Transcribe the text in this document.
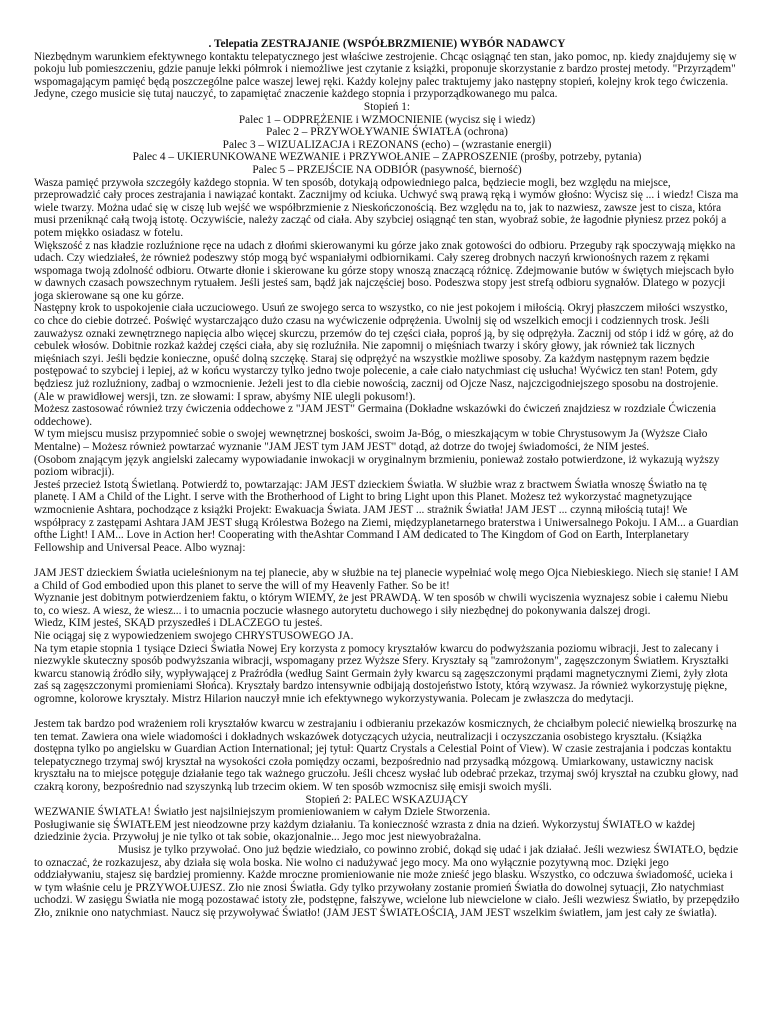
. Telepatia ZESTRAJANIE (WSPÓŁBRZMIENIE) WYBÓR NADAWCY

Niezbędnym warunkiem efektywnego kontaktu telepatycznego jest właściwe zestrojenie. Chcąc osiągnąć ten stan, jako pomoc, np. kiedy znajdujemy się w pokoju lub pomieszczeniu, gdzie panuje lekki półmrok i niemożliwe jest czytanie z książki, proponuje skorzystanie z bardzo prostej metody. "Przyrządem" wspomagającym pamięć będą poszczególne palce waszej lewej ręki. Każdy kolejny palec traktujemy jako następny stopień, kolejny krok tego ćwiczenia. Jedyne, czego musicie się tutaj nauczyć, to zapamiętać znaczenie każdego stopnia i przyporządkowanego mu palca.

Stopień 1:

Palec 1 – ODPRĘŻENIE i WZMOCNIENIE (wycisz się i wiedz)

Palec 2 – PRZYWOŁYWANIE ŚWIATŁA (ochrona)

Palec 3 – WIZUALIZACJA i REZONANS (echo) – (wzrastanie energii)

Palec 4 – UKIERUNKOWANE WEZWANIE i PRZYWOŁANIE – ZAPROSZENIE (prośby, potrzeby, pytania)

Palec 5 – PRZEJŚCIE NA ODBIÓR (pasywność, bierność)

Wasza pamięć przywoła szczegóły każdego stopnia. W ten sposób, dotykają odpowiedniego palca, będziecie mogli, bez względu na miejsce, przeprowadzić cały proces zestrajania i nawiązać kontakt. Zacznijmy od kciuka. Uchwyć swą prawą ręką i wymów głośno: Wycisz się ... i wiedz! Cisza ma wiele twarzy. Można udać się w ciszę lub wejść we współbrzmienie z Nieskończonością. Bez względu na to, jak to nazwiesz, zawsze jest to cisza, która musi przeniknąć całą twoją istotę. Oczywiście, należy zacząć od ciała. Aby szybciej osiągnąć ten stan, wyobraź sobie, że łagodnie płyniesz przez pokój a potem miękko osiadasz w fotelu.

Większość z nas kładzie rozluźnione ręce na udach z dłońmi skierowanymi ku górze jako znak gotowości do odbioru. Przeguby rąk spoczywają miękko na udach. Czy wiedziałeś, że również podeszwy stóp mogą być wspaniałymi odbiornikami. Cały szereg drobnych naczyń krwionośnych razem z rękami wspomaga twoją zdolność odbioru. Otwarte dłonie i skierowane ku górze stopy wnoszą znaczącą różnicę. Zdejmowanie butów w świętych miejscach było w dawnych czasach powszechnym rytuałem. Jeśli jesteś sam, bądź jak najczęściej boso. Podeszwa stopy jest strefą odbioru sygnałów. Dlatego w pozycji joga skierowane są one ku górze.

Następny krok to uspokojenie ciała uczuciowego. Usuń ze swojego serca to wszystko, co nie jest pokojem i miłością. Okryj płaszczem miłości wszystko, co chce do ciebie dotrzeć. Poświęć wystarczająco dużo czasu na wyćwiczenie odprężenia. Uwolnij się od wszelkich emocji i codziennych trosk. Jeśli zauważysz oznaki zewnętrznego napięcia albo więcej skurczu, przemów do tej części ciała, poproś ją, by się odprężyła. Zacznij od stóp i idź w górę, aż do cebulek włosów. Dobitnie rozkaż każdej części ciała, aby się rozluźniła. Nie zapomnij o mięśniach twarzy i skóry głowy, jak również tak licznych mięśniach szyi. Jeśli będzie konieczne, opuść dolną szczękę. Staraj się odprężyć na wszystkie możliwe sposoby. Za każdym następnym razem będzie postępować to szybciej i lepiej, aż w końcu wystarczy tylko jedno twoje polecenie, a całe ciało natychmiast cię usłucha! Wyćwicz ten stan! Potem, gdy będziesz już rozluźniony, zadbaj o wzmocnienie. Jeżeli jest to dla ciebie nowością, zacznij od Ojcze Nasz, najczcigodniejszego sposobu na dostrojenie. (Ale w prawidłowej wersji, tzn. ze słowami: I spraw, abyśmy NIE ulegli pokusom!).

Możesz zastosować również trzy ćwiczenia oddechowe z "JAM JEST" Germaina (Dokładne wskazówki do ćwiczeń znajdziesz w rozdziale Ćwiczenia oddechowe).

W tym miejscu musisz przypomnieć sobie o swojej wewnętrznej boskości, swoim Ja-Bóg, o mieszkającym w tobie Chrystusowym Ja (Wyższe Ciało Mentalne) – Możesz również powtarzać wyznanie "JAM JEST tym JAM JEST" dotąd, aż dotrze do twojej świadomości, że NIM jesteś.

(Osobom znającym język angielski zalecamy wypowiadanie inwokacji w oryginalnym brzmieniu, ponieważ zostało potwierdzone, iż wykazują wyższy poziom wibracji).

Jesteś przecież Istotą Świetlaną. Potwierdź to, powtarzając: JAM JEST dzieckiem Światła. W służbie wraz z bractwem Światła wnoszę Światło na tę planetę. I AM a Child of the Light. I serve with the Brotherhood of Light to bring Light upon this Planet. Możesz też wykorzystać magnetyzujące wzmocnienie Ashtara, pochodzące z książki Projekt: Ewakuacja Świata. JAM JEST ... strażnik Światła! JAM JEST ... czynną miłością tutaj! We współpracy z zastępami Ashtara JAM JEST sługą Królestwa Bożego na Ziemi, międzyplanetarnego braterstwa i Uniwersalnego Pokoju. I AM... a Guardian ofthe Light! I AM... Love in Action her! Cooperating with theAshtar Command I AM dedicated to The Kingdom of God on Earth, Interplanetary Fellowship and Universal Peace. Albo wyznaj:

JAM JEST dzieckiem Światła ucieleśnionym na tej planecie, aby w służbie na tej planecie wypełniać wolę mego Ojca Niebieskiego. Niech się stanie! I AM a Child of God embodied upon this planet to serve the will of my Heavenly Father. So be it!

Wyznanie jest dobitnym potwierdzeniem faktu, o którym WIEMY, że jest PRAWDĄ. W ten sposób w chwili wyciszenia wyznajesz sobie i całemu Niebu to, co wiesz. A wiesz, że wiesz... i to umacnia poczucie własnego autorytetu duchowego i siły niezbędnej do pokonywania dalszej drogi.

Wiedz, KIM jesteś, SKĄD przyszedłeś i DLACZEGO tu jesteś.

Nie ociągaj się z wypowiedzeniem swojego CHRYSTUSOWEGO JA.

Na tym etapie stopnia 1 tysiące Dzieci Światła Nowej Ery korzysta z pomocy kryształów kwarcu do podwyższania poziomu wibracji. Jest to zalecany i niezwykle skuteczny sposób podwyższania wibracji, wspomagany przez Wyższe Sfery. Kryształy są "zamrożonym", zagęszczonym Światłem. Kryształki kwarcu stanowią źródło siły, wypływającej z Praźródła (według Saint Germain żyły kwarcu są zagęszczonymi prądami magnetycznymi Ziemi, żyły złota zaś są zagęszczonymi promieniami Słońca). Kryształy bardzo intensywnie odbijają dostojeństwo Istoty, którą wzywasz. Ja również wykorzystuję piękne, ogromne, kolorowe kryształy. Mistrz Hilarion nauczył mnie ich efektywnego wykorzystywania. Polecam je zwłaszcza do medytacji.

Jestem tak bardzo pod wrażeniem roli kryształów kwarcu w zestrajaniu i odbieraniu przekazów kosmicznych, że chciałbym polecić niewielką broszurkę na ten temat. Zawiera ona wiele wiadomości i dokładnych wskazówek dotyczących użycia, neutralizacji i oczyszczania osobistego kryształu. (Książka dostępna tylko po angielsku w Guardian Action International; jej tytuł: Quartz Crystals a Celestial Point of View). W czasie zestrajania i podczas kontaktu telepatycznego trzymaj swój kryształ na wysokości czoła pomiędzy oczami, bezpośrednio nad przysadką mózgową. Umiarkowany, ustawiczny nacisk kryształu na to miejsce potęguje działanie tego tak ważnego gruczołu. Jeśli chcesz wysłać lub odebrać przekaz, trzymaj swój kryształ na czubku głowy, nad czakrą korony, bezpośrednio nad szyszynką lub trzecim okiem. W ten sposób wzmocnisz siłę emisji swoich myśli.

Stopień 2: PALEC WSKAZUJĄCY

WEZWANIE ŚWIATŁA! Światło jest najsilniejszym promieniowaniem w całym Dziele Stworzenia.

Posługiwanie się ŚWIATŁEM jest nieodzowne przy każdym działaniu. Ta konieczność wzrasta z dnia na dzień. Wykorzystuj ŚWIATŁO w każdej dziedzinie życia. Przywołuj je nie tylko ot tak sobie, okazjonalnie... Jego moc jest niewyobrażalna.

Musisz je tylko przywołać. Ono już będzie wiedziało, co powinno zrobić, dokąd się udać i jak działać. Jeśli wezwiesz ŚWIATŁO, będzie to oznaczać, że rozkazujesz, aby działa się wola boska. Nie wolno ci nadużywać jego mocy. Ma ono wyłącznie pozytywną moc. Dzięki jego oddziaływaniu, stajesz się bardziej promienny. Każde mroczne promieniowanie nie może znieść jego blasku. Wszystko, co odczuwa świadomość, ucieka i w tym właśnie celu je PRZYWOŁUJESZ. Zło nie znosi Światła. Gdy tylko przywołany zostanie promień Światła do dowolnej sytuacji, Zło natychmiast uchodzi. W zasięgu Światła nie mogą pozostawać istoty złe, podstępne, fałszywe, wcielone lub niewcielone w ciało. Jeśli wezwiesz Światło, by przepędziło Zło, zniknie ono natychmiast. Naucz się przywoływać Światło! (JAM JEST ŚWIATŁOŚCIĄ, JAM JEST wszelkim światłem, jam jest cały ze światła).
